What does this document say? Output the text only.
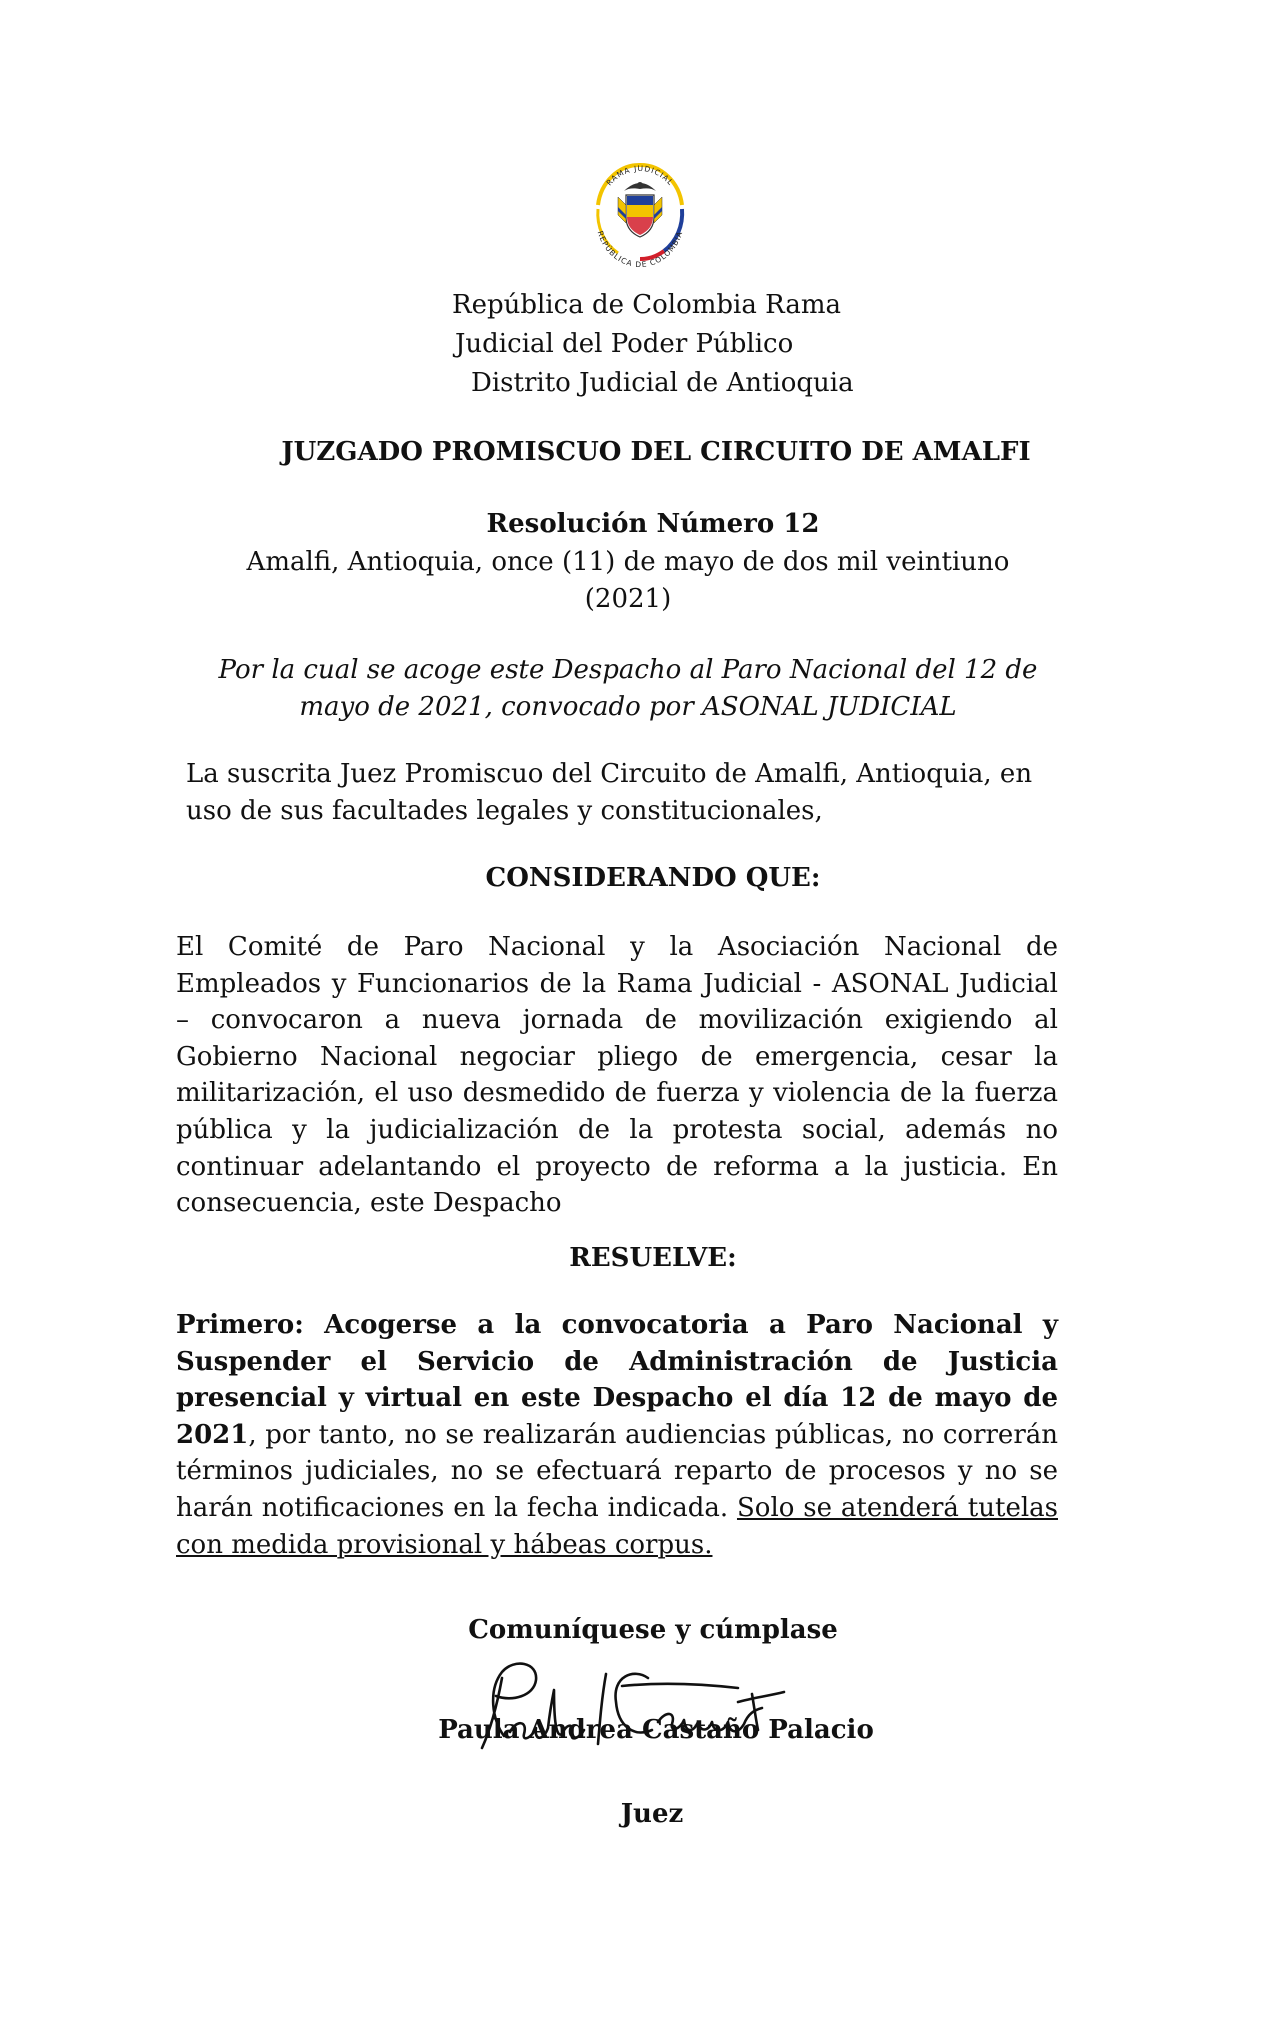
RAMA JUDICIAL
REPÚBLICA DE COLOMBIA
República de Colombia Rama
Judicial del Poder Público
Distrito Judicial de Antioquia
JUZGADO PROMISCUO DEL CIRCUITO DE AMALFI
Resolución Número 12
Amalfi, Antioquia, once (11) de mayo de dos mil veintiuno (2021)
Por la cual se acoge este Despacho al Paro Nacional del 12 de mayo de 2021, convocado por ASONAL JUDICIAL
La suscrita Juez Promiscuo del Circuito de Amalfi, Antioquia, en uso de sus facultades legales y constitucionales,
CONSIDERANDO QUE:
El Comité de Paro Nacional y la Asociación Nacional de Empleados y Funcionarios de la Rama Judicial - ASONAL Judicial – convocaron a nueva jornada de movilización exigiendo al Gobierno Nacional negociar pliego de emergencia, cesar la militarización, el uso desmedido de fuerza y violencia de la fuerza pública y la judicialización de la protesta social, además no continuar adelantando el proyecto de reforma a la justicia. En consecuencia, este Despacho
RESUELVE:
Primero: Acogerse a la convocatoria a Paro Nacional y Suspender el Servicio de Administración de Justicia presencial y virtual en este Despacho el día 12 de mayo de 2021, por tanto, no se realizarán audiencias públicas, no correrán términos judiciales, no se efectuará reparto de procesos y no se harán notificaciones en la fecha indicada. Solo se atenderá tutelas con medida provisional y hábeas corpus.
Comuníquese y cúmplase
Paula Castaño
Paula Andrea Castaño Palacio
Juez
